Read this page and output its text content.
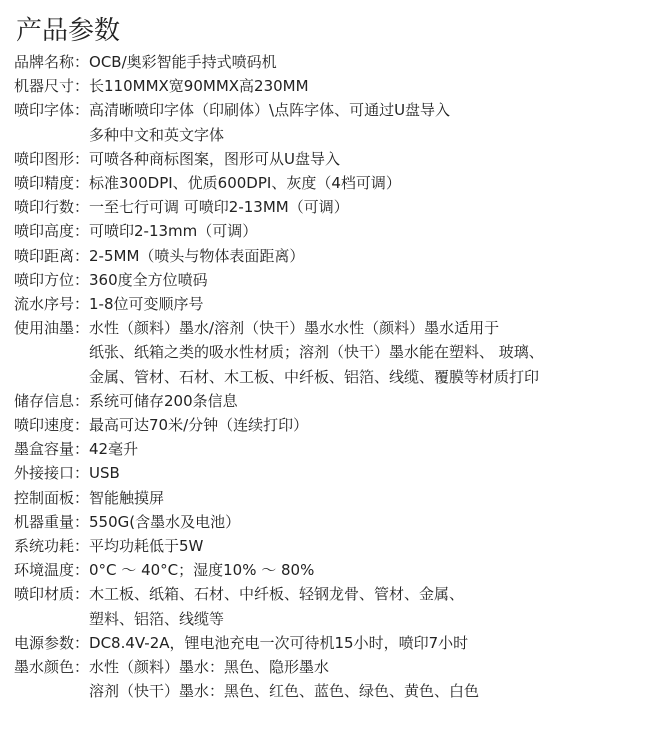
产品参数
品牌名称： OCB/奥彩智能手持式喷码机
机器尺寸： 长110MMX宽90MMX高230MM
喷印字体： 高清晰喷印字体（印刷体）\点阵字体、可通过U盘导入
多种中文和英文字体
喷印图形： 可喷各种商标图案，图形可从U盘导入
喷印精度： 标准300DPI、优质600DPI、灰度（4档可调）
喷印行数： 一至七行可调 可喷印2-13MM（可调）
喷印高度： 可喷印2-13mm（可调）
喷印距离： 2-5MM（喷头与物体表面距离）
喷印方位： 360度全方位喷码
流水序号： 1-8位可变顺序号
使用油墨： 水性（颜料）墨水/溶剂（快干）墨水水性（颜料）墨水适用于
纸张、纸箱之类的吸水性材质；溶剂（快干）墨水能在塑料、 玻璃、
金属、管材、石材、木工板、中纤板、铝箔、线缆、覆膜等材质打印
储存信息： 系统可储存200条信息
喷印速度： 最高可达70米/分钟（连续打印）
墨盒容量： 42毫升
外接接口： USB
控制面板： 智能触摸屏
机器重量： 550G(含墨水及电池）
系统功耗： 平均功耗低于5W
环境温度： 0°C ～ 40°C；湿度10% ～ 80%
喷印材质： 木工板、纸箱、石材、中纤板、轻钢龙骨、管材、金属、
塑料、铝箔、线缆等
电源参数： DC8.4V-2A，锂电池充电一次可待机15小时，喷印7小时
墨水颜色： 水性（颜料）墨水：黑色、隐形墨水
溶剂（快干）墨水：黑色、红色、蓝色、绿色、黄色、白色
